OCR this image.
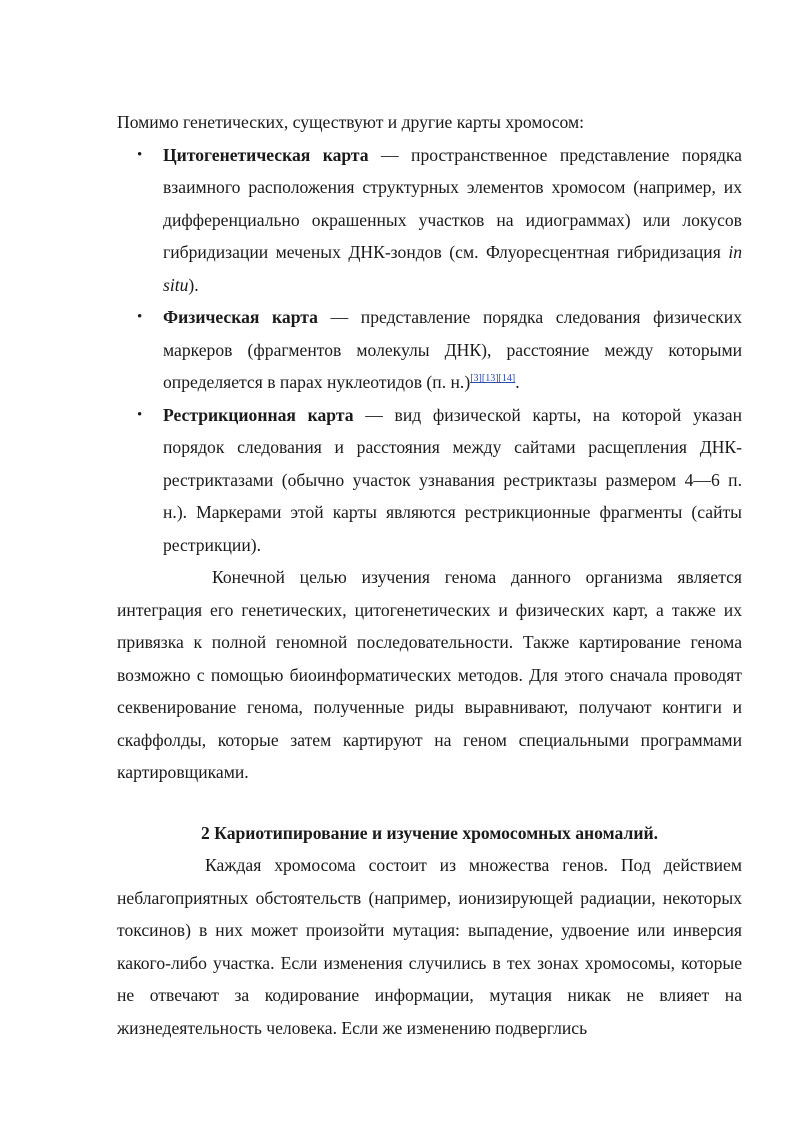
Помимо генетических, существуют и другие карты хромосом:

• Цитогенетическая карта — пространственное представление порядка взаимного расположения структурных элементов хромосом (например, их дифференциально окрашенных участков на идиограммах) или локусов гибридизации меченых ДНК-зондов (см. Флуоресцентная гибридизация in situ).
• Физическая карта — представление порядка следования физических маркеров (фрагментов молекулы ДНК), расстояние между которыми определяется в парах нуклеотидов (п. н.)[3][13][14].
• Рестрикционная карта — вид физической карты, на которой указан порядок следования и расстояния между сайтами расщепления ДНК-рестриктазами (обычно участок узнавания рестриктазы размером 4—6 п. н.). Маркерами этой карты являются рестрикционные фрагменты (сайты рестрикции).

Конечной целью изучения генома данного организма является интеграция его генетических, цитогенетических и физических карт, а также их привязка к полной геномной последовательности. Также картирование генома возможно с помощью биоинформатических методов. Для этого сначала проводят секвенирование генома, полученные риды выравнивают, получают контиги и скаффолды, которые затем картируют на геном специальными программами картировщиками.

2 Кариотипирование и изучение хромосомных аномалий.

Каждая хромосома состоит из множества генов. Под действием неблагоприятных обстоятельств (например, ионизирующей радиации, некоторых токсинов) в них может произойти мутация: выпадение, удвоение или инверсия какого-либо участка. Если изменения случились в тех зонах хромосомы, которые не отвечают за кодирование информации, мутация никак не влияет на жизнедеятельность человека. Если же изменению подверглись
